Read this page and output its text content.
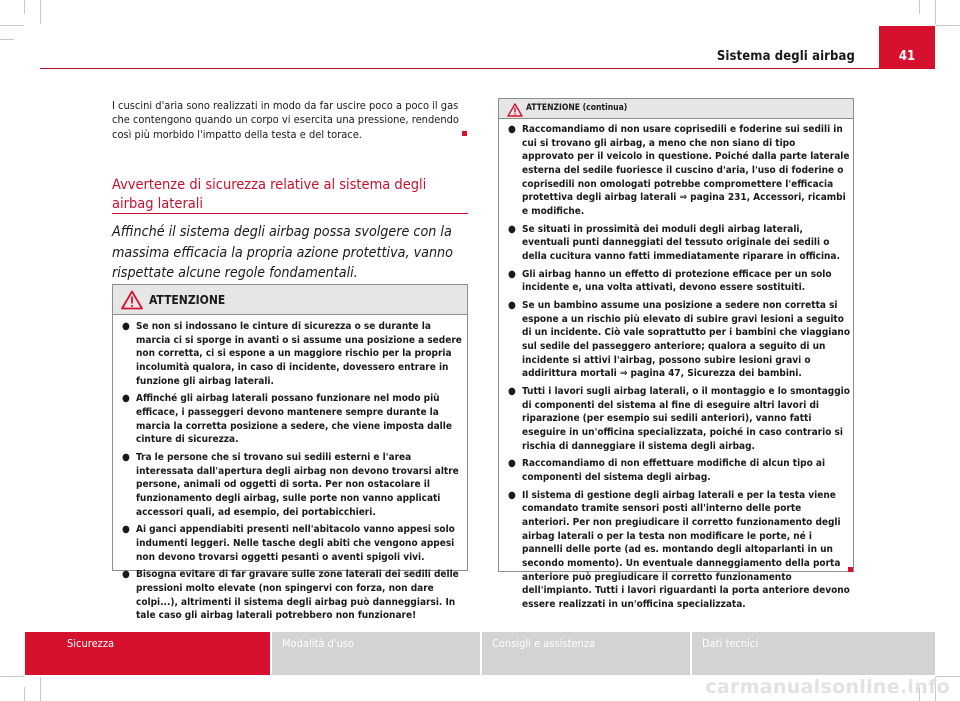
Sistema degli airbag	41
I cuscini d'aria sono realizzati in modo da far uscire poco a poco il gas che contengono quando un corpo vi esercita una pressione, rendendo così più morbido l'impatto della testa e del torace.
Avvertenze di sicurezza relative al sistema degli airbag laterali
Affinché il sistema degli airbag possa svolgere con la massima efficacia la propria azione protettiva, vanno rispettate alcune regole fondamentali.
ATTENZIONE
● Se non si indossano le cinture di sicurezza o se durante la marcia ci si sporge in avanti o si assume una posizione a sedere non corretta, ci si espone a un maggiore rischio per la propria incolumità qualora, in caso di incidente, dovessero entrare in funzione gli airbag laterali.
● Affinché gli airbag laterali possano funzionare nel modo più efficace, i passeggeri devono mantenere sempre durante la marcia la corretta posizione a sedere, che viene imposta dalle cinture di sicurezza.
● Tra le persone che si trovano sui sedili esterni e l'area interessata dall'apertura degli airbag non devono trovarsi altre persone, animali od oggetti di sorta. Per non ostacolare il funzionamento degli airbag, sulle porte non vanno applicati accessori quali, ad esempio, dei portabicchieri.
● Ai ganci appendiabiti presenti nell'abitacolo vanno appesi solo indumenti leggeri. Nelle tasche degli abiti che vengono appesi non devono trovarsi oggetti pesanti o aventi spigoli vivi.
● Bisogna evitare di far gravare sulle zone laterali dei sedili delle pressioni molto elevate (non spingervi con forza, non dare colpi...), altrimenti il sistema degli airbag può danneggiarsi. In tale caso gli airbag laterali potrebbero non funzionare!
ATTENZIONE (continua)
● Raccomandiamo di non usare coprisedili e foderine sui sedili in cui si trovano gli airbag, a meno che non siano di tipo approvato per il veicolo in questione. Poiché dalla parte laterale esterna del sedile fuoriesce il cuscino d'aria, l'uso di foderine o coprisedili non omologati potrebbe compromettere l'efficacia protettiva degli airbag laterali ⇒ pagina 231, Accessori, ricambi e modifiche.
● Se situati in prossimità dei moduli degli airbag laterali, eventuali punti danneggiati del tessuto originale dei sedili o della cucitura vanno fatti immediatamente riparare in officina.
● Gli airbag hanno un effetto di protezione efficace per un solo incidente e, una volta attivati, devono essere sostituiti.
● Se un bambino assume una posizione a sedere non corretta si espone a un rischio più elevato di subire gravi lesioni a seguito di un incidente. Ciò vale soprattutto per i bambini che viaggiano sul sedile del passeggero anteriore; qualora a seguito di un incidente si attivi l'airbag, possono subire lesioni gravi o addirittura mortali ⇒ pagina 47, Sicurezza dei bambini.
● Tutti i lavori sugli airbag laterali, o il montaggio e lo smontaggio di componenti del sistema al fine di eseguire altri lavori di riparazione (per esempio sui sedili anteriori), vanno fatti eseguire in un'officina specializzata, poiché in caso contrario si rischia di danneggiare il sistema degli airbag.
● Raccomandiamo di non effettuare modifiche di alcun tipo ai componenti del sistema degli airbag.
● Il sistema di gestione degli airbag laterali e per la testa viene comandato tramite sensori posti all'interno delle porte anteriori. Per non pregiudicare il corretto funzionamento degli airbag laterali o per la testa non modificare le porte, né i pannelli delle porte (ad es. montando degli altoparlanti in un secondo momento). Un eventuale danneggiamento della porta anteriore può pregiudicare il corretto funzionamento dell'impianto. Tutti i lavori riguardanti la porta anteriore devono essere realizzati in un'officina specializzata.
Sicurezza	Modalità d'uso	Consigli e assistenza	Dati tecnici
carmanualsonline.info
